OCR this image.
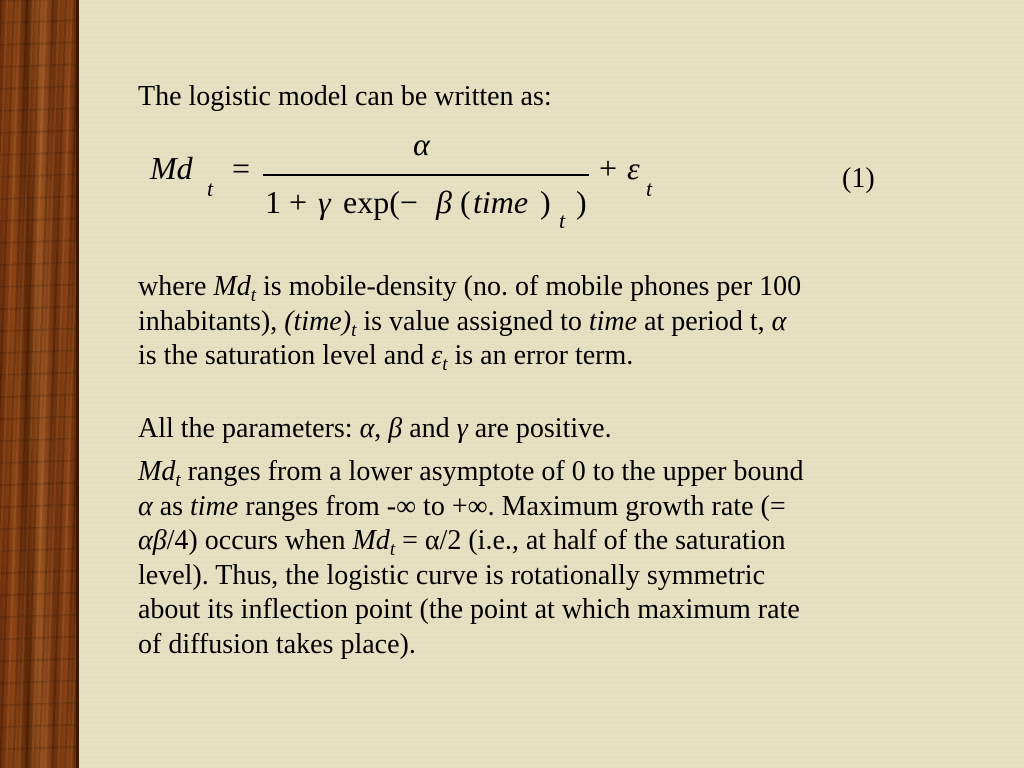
The logistic model can be written as:
Md
t
=
α
1 + γ exp(− β ( time )
t
)
+ ε
t	(1)
where $Md_t$ is mobile-density (no. of mobile phones per 100
inhabitants), $(time)_t$ is value assigned to time at period t, α
is the saturation level and $\varepsilon_t$ is an error term.
All the parameters: α, β and γ are positive.
$Md_t$ ranges from a lower asymptote of 0 to the upper bound
α as time ranges from -∞ to +∞. Maximum growth rate (=
αβ/4) occurs when $Md_t = \alpha/2$ (i.e., at half of the saturation
level). Thus, the logistic curve is rotationally symmetric
about its inflection point (the point at which maximum rate
of diffusion takes place).
